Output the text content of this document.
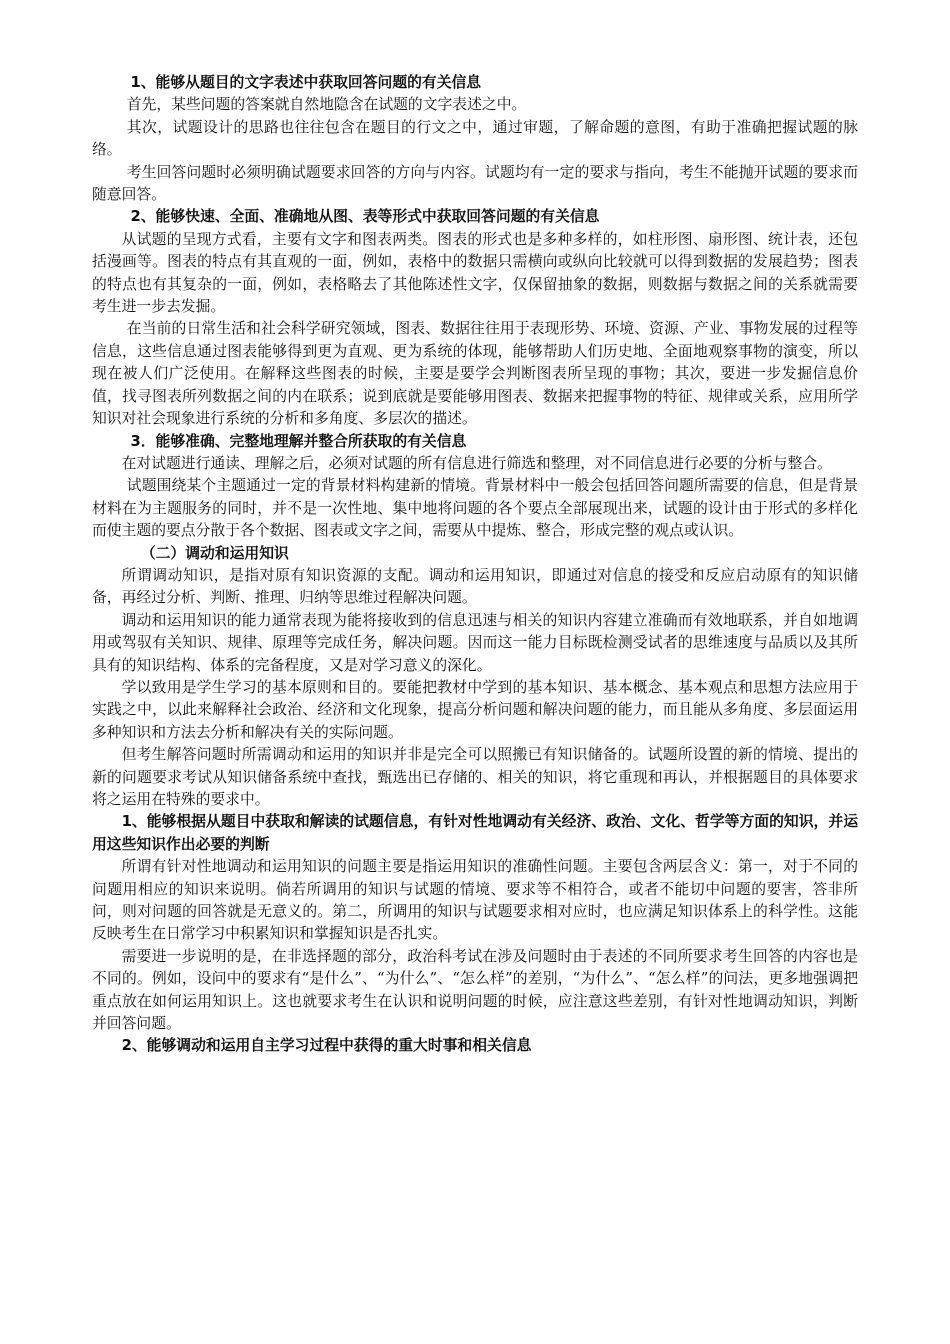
1、能够从题目的文字表述中获取回答问题的有关信息

首先，某些问题的答案就自然地隐含在试题的文字表述之中。

其次，试题设计的思路也往往包含在题目的行文之中，通过审题，了解命题的意图，有助于准确把握试题的脉络。

考生回答问题时必须明确试题要求回答的方向与内容。试题均有一定的要求与指向，考生不能抛开试题的要求而随意回答。

2、能够快速、全面、准确地从图、表等形式中获取回答问题的有关信息

从试题的呈现方式看，主要有文字和图表两类。图表的形式也是多种多样的，如柱形图、扇形图、统计表，还包括漫画等。图表的特点有其直观的一面，例如，表格中的数据只需横向或纵向比较就可以得到数据的发展趋势；图表的特点也有其复杂的一面，例如，表格略去了其他陈述性文字，仅保留抽象的数据，则数据与数据之间的关系就需要考生进一步去发掘。

在当前的日常生活和社会科学研究领域，图表、数据往往用于表现形势、环境、资源、产业、事物发展的过程等信息，这些信息通过图表能够得到更为直观、更为系统的体现，能够帮助人们历史地、全面地观察事物的演变，所以现在被人们广泛使用。在解释这些图表的时候，主要是要学会判断图表所呈现的事物；其次，要进一步发掘信息价值，找寻图表所列数据之间的内在联系；说到底就是要能够用图表、数据来把握事物的特征、规律或关系，应用所学知识对社会现象进行系统的分析和多角度、多层次的描述。

3．能够准确、完整地理解并整合所获取的有关信息

在对试题进行通读、理解之后，必须对试题的所有信息进行筛选和整理，对不同信息进行必要的分析与整合。

试题围绕某个主题通过一定的背景材料构建新的情境。背景材料中一般会包括回答问题所需要的信息，但是背景材料在为主题服务的同时，并不是一次性地、集中地将问题的各个要点全部展现出来，试题的设计由于形式的多样化而使主题的要点分散于各个数据、图表或文字之间，需要从中提炼、整合，形成完整的观点或认识。

（二）调动和运用知识

所谓调动知识，是指对原有知识资源的支配。调动和运用知识，即通过对信息的接受和反应启动原有的知识储备，再经过分析、判断、推理、归纳等思维过程解决问题。

调动和运用知识的能力通常表现为能将接收到的信息迅速与相关的知识内容建立准确而有效地联系，并自如地调用或驾驭有关知识、规律、原理等完成任务，解决问题。因而这一能力目标既检测受试者的思维速度与品质以及其所具有的知识结构、体系的完备程度，又是对学习意义的深化。

学以致用是学生学习的基本原则和目的。要能把教材中学到的基本知识、基本概念、基本观点和思想方法应用于实践之中，以此来解释社会政治、经济和文化现象，提高分析问题和解决问题的能力，而且能从多角度、多层面运用多种知识和方法去分析和解决有关的实际问题。

但考生解答问题时所需调动和运用的知识并非是完全可以照搬已有知识储备的。试题所设置的新的情境、提出的新的问题要求考试从知识储备系统中查找，甄选出已存储的、相关的知识，将它重现和再认，并根据题目的具体要求将之运用在特殊的要求中。

1、能够根据从题目中获取和解读的试题信息，有针对性地调动有关经济、政治、文化、哲学等方面的知识，并运用这些知识作出必要的判断

所谓有针对性地调动和运用知识的问题主要是指运用知识的准确性问题。主要包含两层含义：第一，对于不同的问题用相应的知识来说明。倘若所调用的知识与试题的情境、要求等不相符合，或者不能切中问题的要害，答非所问，则对问题的回答就是无意义的。第二，所调用的知识与试题要求相对应时，也应满足知识体系上的科学性。这能反映考生在日常学习中积累知识和掌握知识是否扎实。

需要进一步说明的是，在非选择题的部分，政治科考试在涉及问题时由于表述的不同所要求考生回答的内容也是不同的。例如，设问中的要求有“是什么”、“为什么”、“怎么样”的差别，“为什么”、“怎么样”的问法，更多地强调把重点放在如何运用知识上。这也就要求考生在认识和说明问题的时候，应注意这些差别，有针对性地调动知识，判断并回答问题。

2、能够调动和运用自主学习过程中获得的重大时事和相关信息
